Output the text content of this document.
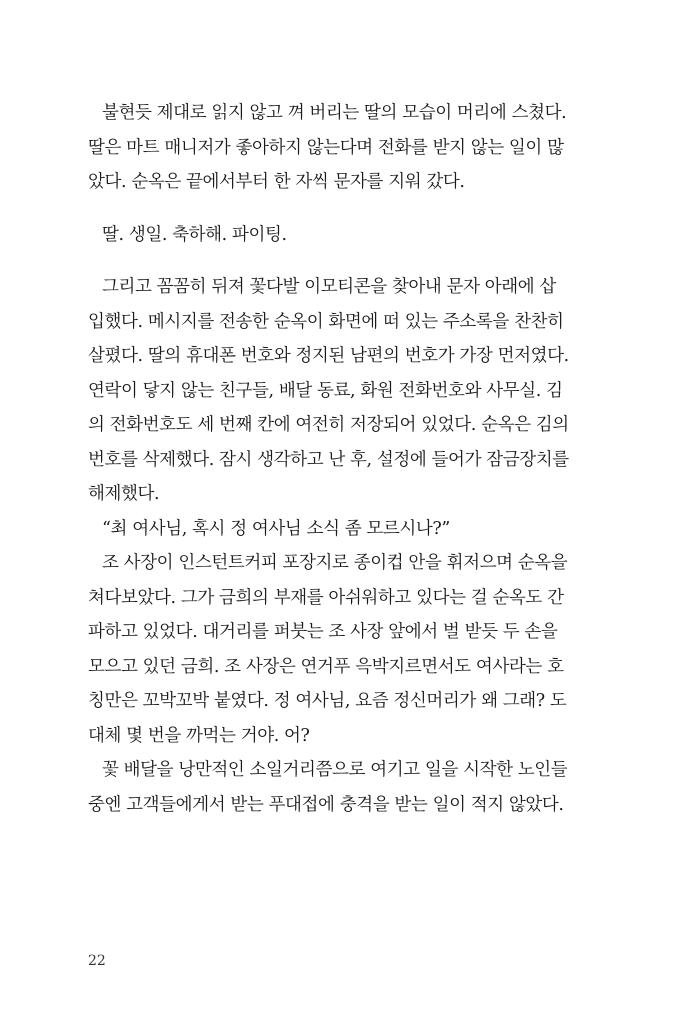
불현듯 제대로 읽지 않고 껴 버리는 딸의 모습이 머리에 스쳤다.
딸은 마트 매니저가 좋아하지 않는다며 전화를 받지 않는 일이 많
았다. 순옥은 끝에서부터 한 자씩 문자를 지워 갔다.
딸. 생일. 축하해. 파이팅.
그리고 꼼꼼히 뒤져 꽃다발 이모티콘을 찾아내 문자 아래에 삽
입했다. 메시지를 전송한 순옥이 화면에 떠 있는 주소록을 찬찬히
살폈다. 딸의 휴대폰 번호와 정지된 남편의 번호가 가장 먼저였다.
연락이 닿지 않는 친구들, 배달 동료, 화원 전화번호와 사무실. 김
의 전화번호도 세 번째 칸에 여전히 저장되어 있었다. 순옥은 김의
번호를 삭제했다. 잠시 생각하고 난 후, 설정에 들어가 잠금장치를
해제했다.
“최 여사님, 혹시 정 여사님 소식 좀 모르시나?”
조 사장이 인스턴트커피 포장지로 종이컵 안을 휘저으며 순옥을
쳐다보았다. 그가 금희의 부재를 아쉬워하고 있다는 걸 순옥도 간
파하고 있었다. 대거리를 퍼붓는 조 사장 앞에서 벌 받듯 두 손을
모으고 있던 금희. 조 사장은 연거푸 윽박지르면서도 여사라는 호
칭만은 꼬박꼬박 붙였다. 정 여사님, 요즘 정신머리가 왜 그래? 도
대체 몇 번을 까먹는 거야. 어?
꽃 배달을 낭만적인 소일거리쯤으로 여기고 일을 시작한 노인들
중엔 고객들에게서 받는 푸대접에 충격을 받는 일이 적지 않았다.
22
